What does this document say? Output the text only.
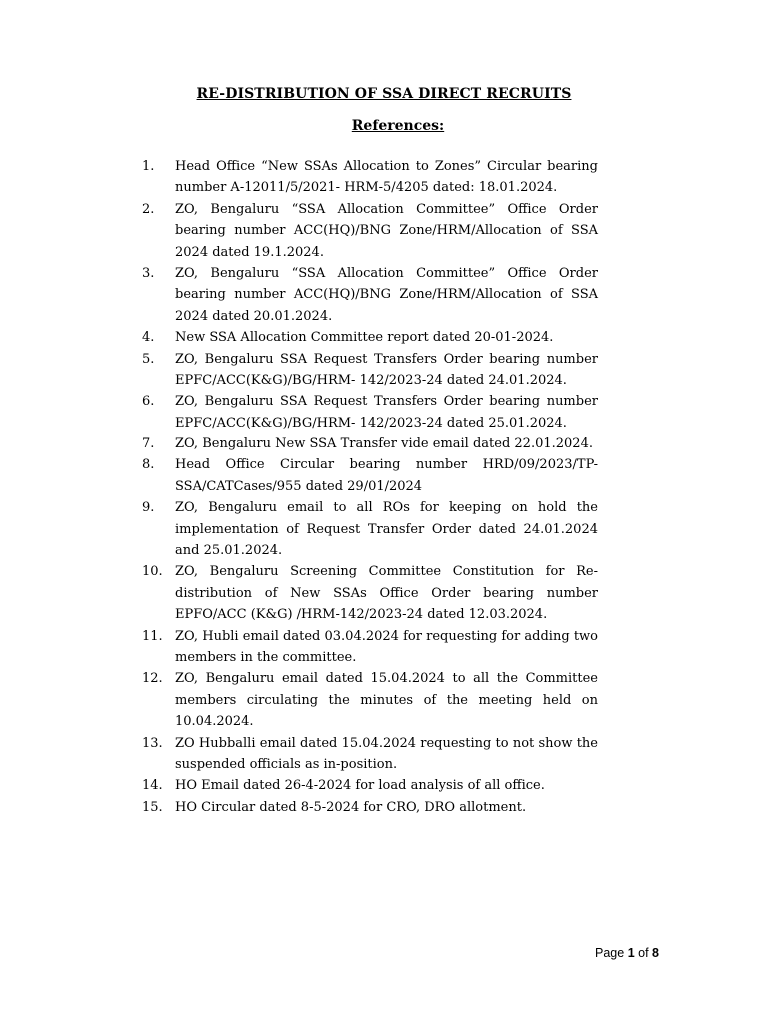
RE-DISTRIBUTION OF SSA DIRECT RECRUITS
References:
1.	Head Office “New SSAs Allocation to Zones” Circular bearing number A-12011/5/2021- HRM-5/4205 dated: 18.01.2024.
2.	ZO, Bengaluru “SSA Allocation Committee” Office Order bearing number ACC(HQ)/BNG Zone/HRM/Allocation of SSA 2024 dated 19.1.2024.
3.	ZO, Bengaluru “SSA Allocation Committee” Office Order bearing number ACC(HQ)/BNG Zone/HRM/Allocation of SSA 2024 dated 20.01.2024.
4.	New SSA Allocation Committee report dated 20-01-2024.
5.	ZO, Bengaluru SSA Request Transfers Order bearing number EPFC/ACC(K&G)/BG/HRM- 142/2023-24 dated 24.01.2024.
6.	ZO, Bengaluru SSA Request Transfers Order bearing number EPFC/ACC(K&G)/BG/HRM- 142/2023-24 dated 25.01.2024.
7.	ZO, Bengaluru New SSA Transfer vide email dated 22.01.2024.
8.	Head Office Circular bearing number HRD/09/2023/TP-SSA/CATCases/955 dated 29/01/2024
9.	ZO, Bengaluru email to all ROs for keeping on hold the implementation of Request Transfer Order dated 24.01.2024 and 25.01.2024.
10. ZO, Bengaluru Screening Committee Constitution for Re-distribution of New SSAs Office Order bearing number EPFO/ACC (K&G) /HRM-142/2023-24 dated 12.03.2024.
11. ZO, Hubli email dated 03.04.2024 for requesting for adding two members in the committee.
12. ZO, Bengaluru email dated 15.04.2024 to all the Committee members circulating the minutes of the meeting held on 10.04.2024.
13. ZO Hubballi email dated 15.04.2024 requesting to not show the suspended officials as in-position.
14. HO Email dated 26-4-2024 for load analysis of all office.
15. HO Circular dated 8-5-2024 for CRO, DRO allotment.
Page 1 of 8
